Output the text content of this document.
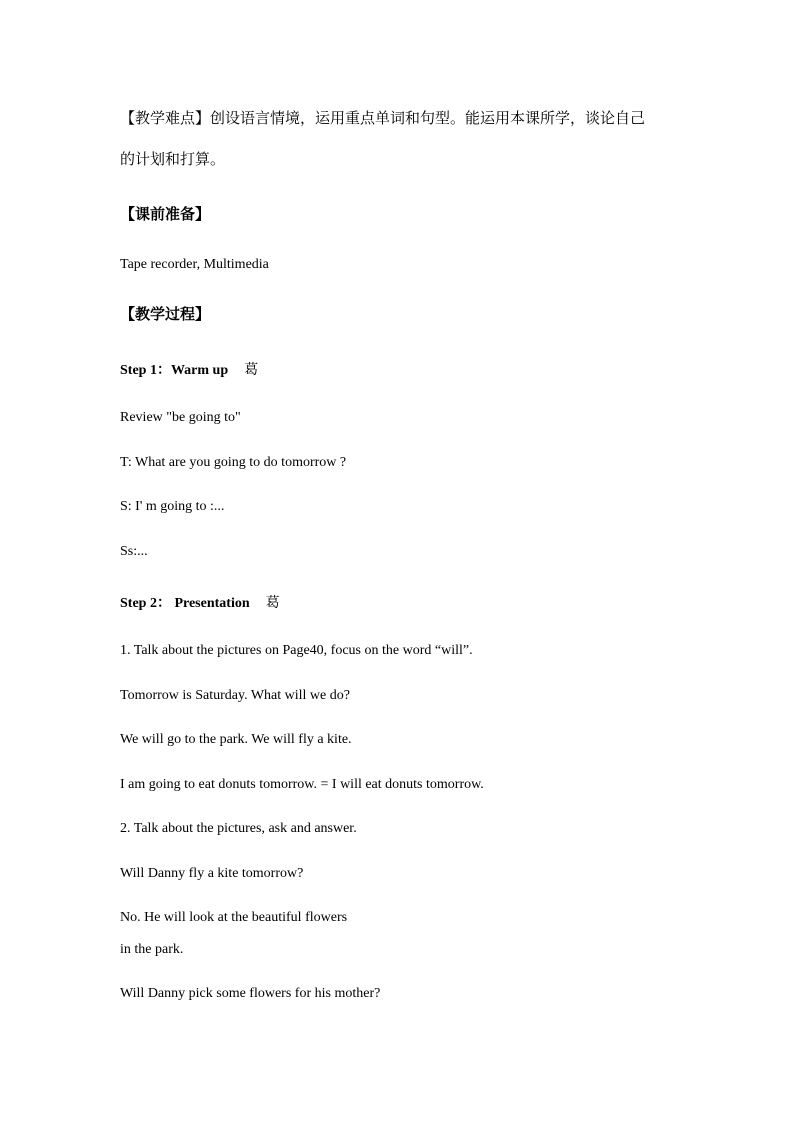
【教学难点】创设语言情境，运用重点单词和句型。能运用本课所学，谈论自己
的计划和打算。
【课前准备】
Tape recorder, Multimedia
【教学过程】
Step 1：Warm up 葛
Review "be going to"
T: What are you going to do tomorrow ?
S: I' m going to :...
Ss:...
Step 2： Presentation 葛
1. Talk about the pictures on Page40, focus on the word “will”.
Tomorrow is Saturday. What will we do?
We will go to the park. We will fly a kite.
I am going to eat donuts tomorrow. = I will eat donuts tomorrow.
2. Talk about the pictures, ask and answer.
Will Danny fly a kite tomorrow?
No. He will look at the beautiful flowers
in the park.
Will Danny pick some flowers for his mother?
